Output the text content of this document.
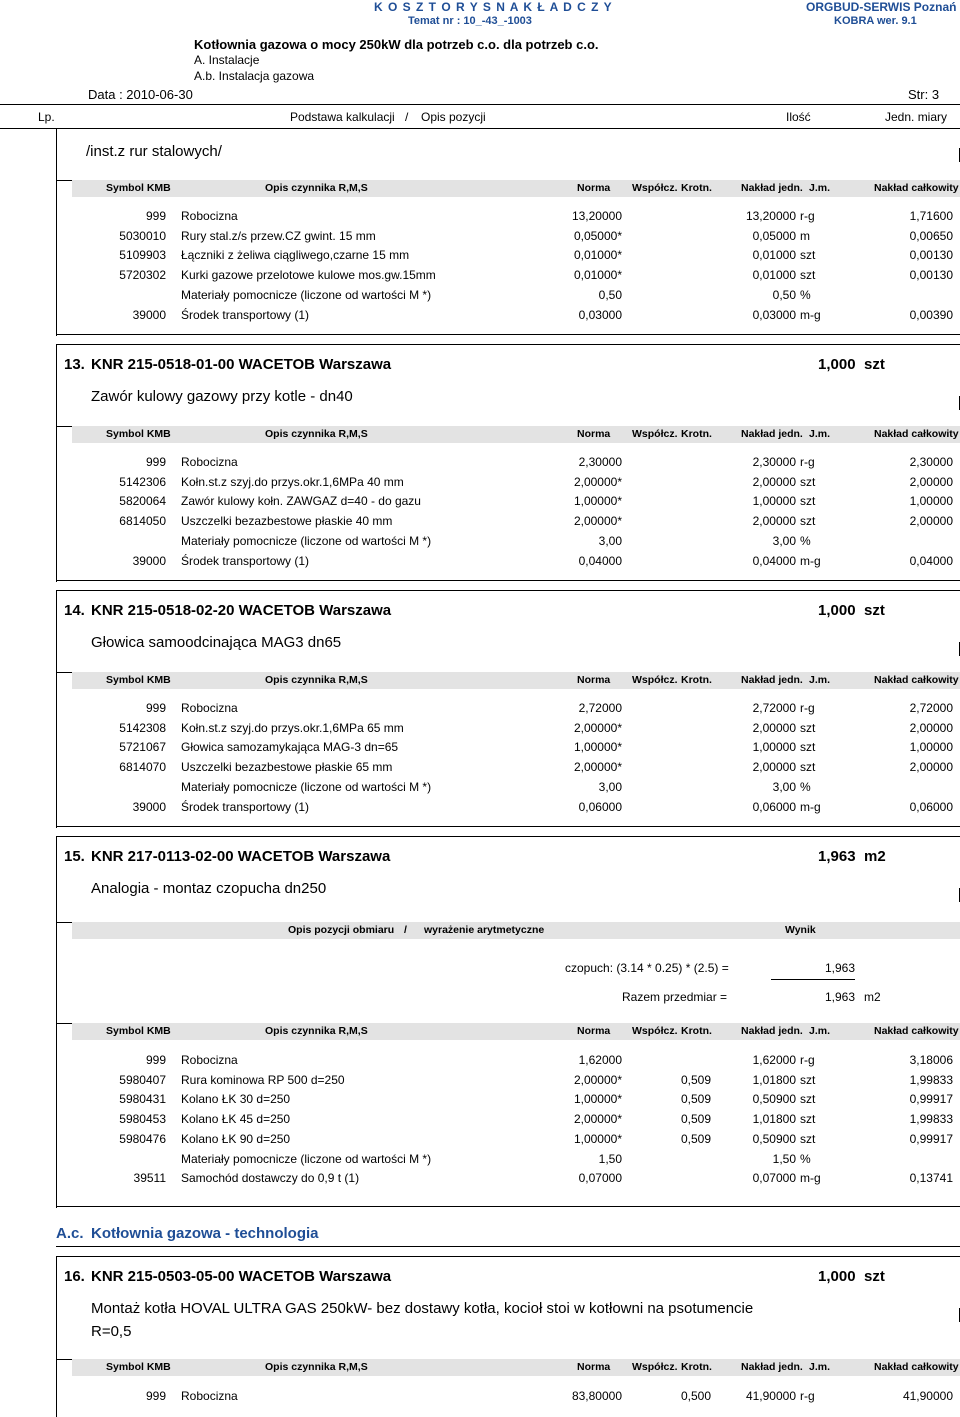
K O S Z T O R Y S N A K Ł A D C Z Y
Temat nr : 10_-43_-1003
ORGBUD-SERWIS Poznań
KOBRA wer. 9.1
Kotłownia gazowa o mocy 250kW dla potrzeb c.o. dla potrzeb c.o.
A. Instalacje
A.b. Instalacja gazowa
Data : 2010-06-30	Str: 3
Lp.	Podstawa kalkulacji / Opis pozycji	Ilość	Jedn. miary
/inst.z rur stalowych/
Symbol KMB	Opis czynnika R,M,S	Norma Współcz. Krotn.	Nakład jedn. J.m.	Nakład całkowity
999 Robocizna	13,20000	13,20000 r-g	1,71600
5030010 Rury stal.z/s przew.CZ gwint. 15 mm	0,05000*	0,05000 m	0,00650
5109903 Łączniki z żeliwa ciągliwego,czarne 15 mm	0,01000*	0,01000 szt	0,00130
5720302 Kurki gazowe przelotowe kulowe mos.gw.15mm	0,01000*	0,01000 szt	0,00130
Materiały pomocnicze (liczone od wartości M *)	0,50	0,50 %
39000 Środek transportowy (1)	0,03000	0,03000 m-g	0,00390
13. KNR 215-0518-01-00 WACETOB Warszawa	1,000 szt
Zawór kulowy gazowy przy kotle - dn40
Symbol KMB	Opis czynnika R,M,S	Norma Współcz. Krotn.	Nakład jedn. J.m.	Nakład całkowity
999 Robocizna	2,30000	2,30000 r-g	2,30000
5142306 Kołn.st.z szyj.do przys.okr.1,6MPa 40 mm	2,00000*	2,00000 szt	2,00000
5820064 Zawór kulowy kołn. ZAWGAZ d=40 - do gazu	1,00000*	1,00000 szt	1,00000
6814050 Uszczelki bezazbestowe płaskie 40 mm	2,00000*	2,00000 szt	2,00000
Materiały pomocnicze (liczone od wartości M *)	3,00	3,00 %
39000 Środek transportowy (1)	0,04000	0,04000 m-g	0,04000
14. KNR 215-0518-02-20 WACETOB Warszawa	1,000 szt
Głowica samoodcinająca MAG3 dn65
Symbol KMB	Opis czynnika R,M,S	Norma Współcz. Krotn.	Nakład jedn. J.m.	Nakład całkowity
999 Robocizna	2,72000	2,72000 r-g	2,72000
5142308 Kołn.st.z szyj.do przys.okr.1,6MPa 65 mm	2,00000*	2,00000 szt	2,00000
5721067 Głowica samozamykająca MAG-3 dn=65	1,00000*	1,00000 szt	1,00000
6814070 Uszczelki bezazbestowe płaskie 65 mm	2,00000*	2,00000 szt	2,00000
Materiały pomocnicze (liczone od wartości M *)	3,00	3,00 %
39000 Środek transportowy (1)	0,06000	0,06000 m-g	0,06000
15. KNR 217-0113-02-00 WACETOB Warszawa	1,963 m2
Analogia - montaz czopucha dn250
Opis pozycji obmiaru / wyrażenie arytmetyczne	Wynik
czopuch: (3.14 * 0.25) * (2.5) =	1,963
Razem przedmiar =	1,963 m2
Symbol KMB	Opis czynnika R,M,S	Norma Współcz. Krotn.	Nakład jedn. J.m.	Nakład całkowity
999 Robocizna	1,62000	1,62000 r-g	3,18006
5980407 Rura kominowa RP 500 d=250	2,00000*	0,509	1,01800 szt	1,99833
5980431 Kolano ŁK 30 d=250	1,00000*	0,509	0,50900 szt	0,99917
5980453 Kolano ŁK 45 d=250	2,00000*	0,509	1,01800 szt	1,99833
5980476 Kolano ŁK 90 d=250	1,00000*	0,509	0,50900 szt	0,99917
Materiały pomocnicze (liczone od wartości M *)	1,50	1,50 %
39511 Samochód dostawczy do 0,9 t (1)	0,07000	0,07000 m-g	0,13741
A.c. Kotłownia gazowa - technologia
16. KNR 215-0503-05-00 WACETOB Warszawa	1,000 szt
Montaż kotła HOVAL ULTRA GAS 250kW- bez dostawy kotła, kocioł stoi w kotłowni na psotumencie
R=0,5
Symbol KMB	Opis czynnika R,M,S	Norma Współcz. Krotn.	Nakład jedn. J.m.	Nakład całkowity
999 Robocizna	83,80000	0,500	41,90000 r-g	41,90000
